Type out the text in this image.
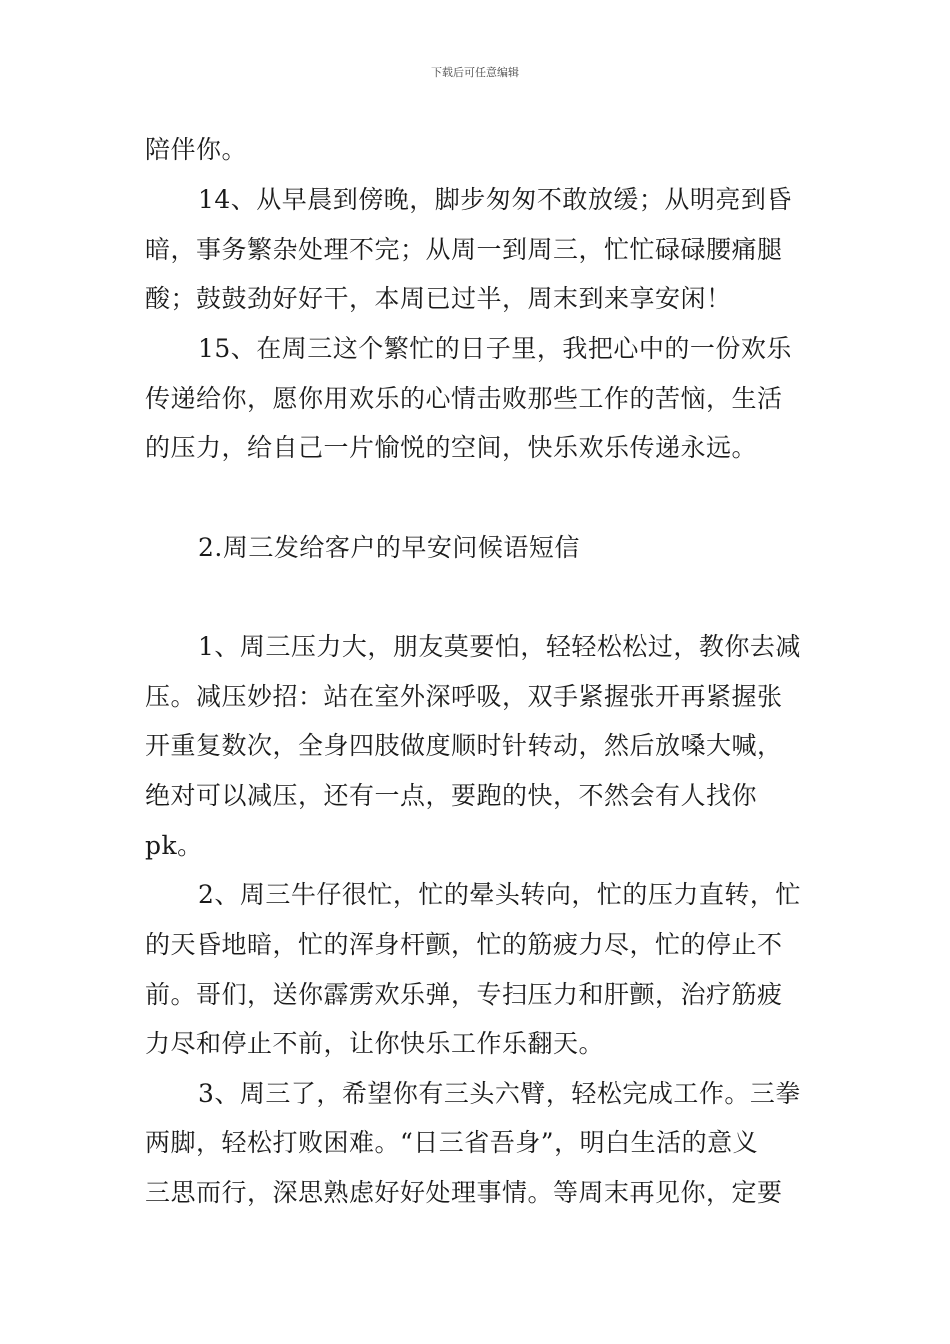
下载后可任意编辑
陪伴你。
14、从早晨到傍晚，脚步匆匆不敢放缓；从明亮到昏
暗，事务繁杂处理不完；从周一到周三，忙忙碌碌腰痛腿
酸；鼓鼓劲好好干，本周已过半，周末到来享安闲！
15、在周三这个繁忙的日子里，我把心中的一份欢乐
传递给你，愿你用欢乐的心情击败那些工作的苦恼，生活
的压力，给自己一片愉悦的空间，快乐欢乐传递永远。
2.周三发给客户的早安问候语短信
1、周三压力大，朋友莫要怕，轻轻松松过，教你去减
压。减压妙招：站在室外深呼吸，双手紧握张开再紧握张
开重复数次，全身四肢做度顺时针转动，然后放嗓大喊，
绝对可以减压，还有一点，要跑的快，不然会有人找你
pk。
2、周三牛仔很忙，忙的晕头转向，忙的压力直转，忙
的天昏地暗，忙的浑身杆颤，忙的筋疲力尽，忙的停止不
前。哥们，送你霹雳欢乐弹，专扫压力和肝颤，治疗筋疲
力尽和停止不前，让你快乐工作乐翻天。
3、周三了，希望你有三头六臂，轻松完成工作。三拳
两脚，轻松打败困难。“日三省吾身”，明白生活的意义
三思而行，深思熟虑好好处理事情。等周末再见你，定要
